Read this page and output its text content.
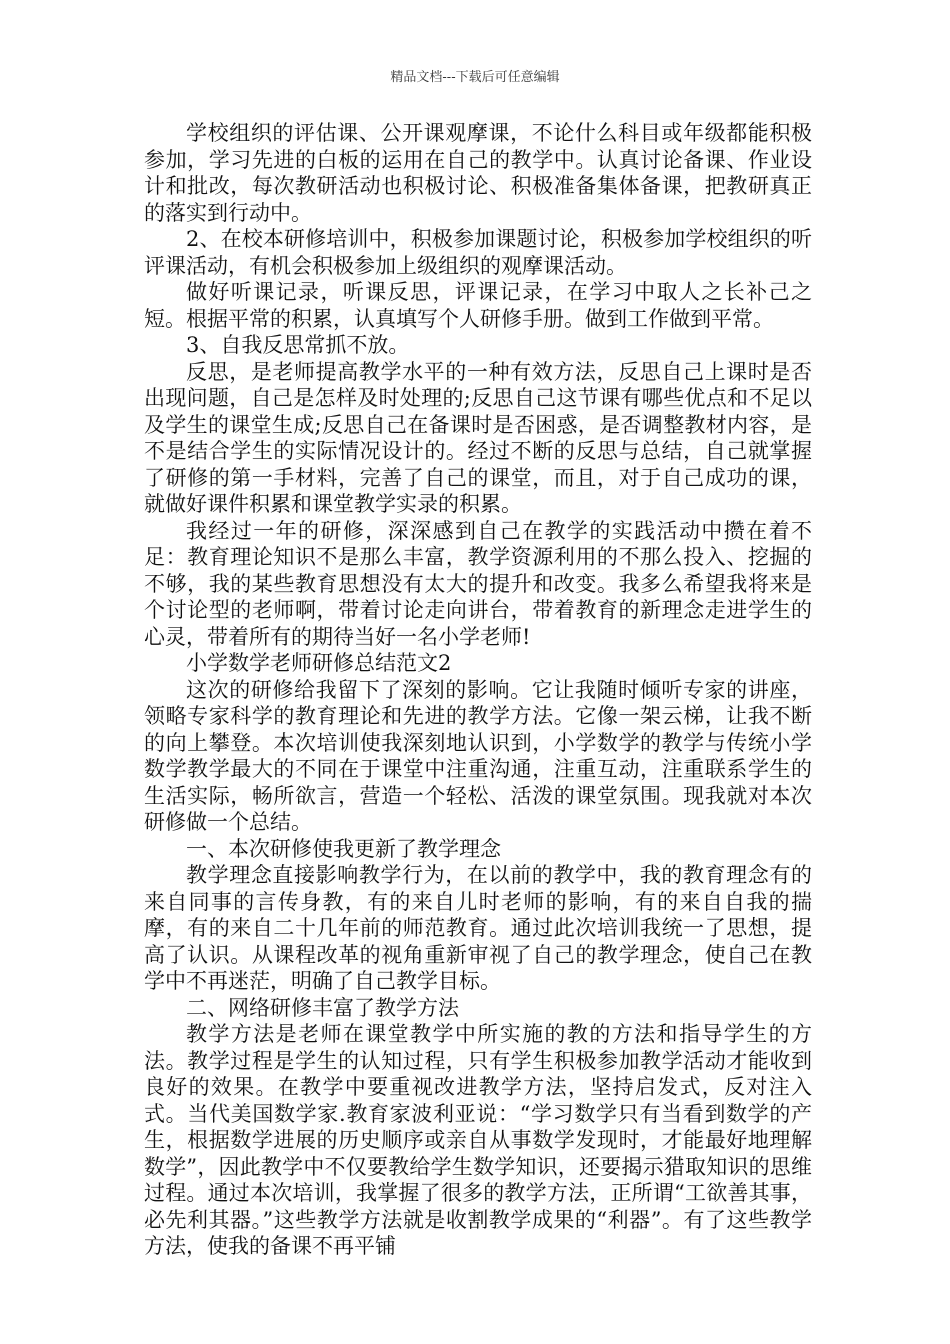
精品文档---下载后可任意编辑

学校组织的评估课、公开课观摩课，不论什么科目或年级都能积极参加，学习先进的白板的运用在自己的教学中。认真讨论备课、作业设计和批改，每次教研活动也积极讨论、积极准备集体备课，把教研真正的落实到行动中。

2、在校本研修培训中，积极参加课题讨论，积极参加学校组织的听评课活动，有机会积极参加上级组织的观摩课活动。

做好听课记录，听课反思，评课记录，在学习中取人之长补己之短。根据平常的积累，认真填写个人研修手册。做到工作做到平常。

3、自我反思常抓不放。

反思，是老师提高教学水平的一种有效方法，反思自己上课时是否出现问题，自己是怎样及时处理的;反思自己这节课有哪些优点和不足以及学生的课堂生成;反思自己在备课时是否困惑，是否调整教材内容，是不是结合学生的实际情况设计的。经过不断的反思与总结，自己就掌握了研修的第一手材料，完善了自己的课堂，而且，对于自己成功的课，就做好课件积累和课堂教学实录的积累。

我经过一年的研修，深深感到自己在教学的实践活动中攒在着不足：教育理论知识不是那么丰富，教学资源利用的不那么投入、挖掘的不够，我的某些教育思想没有太大的提升和改变。我多么希望我将来是个讨论型的老师啊，带着讨论走向讲台，带着教育的新理念走进学生的心灵，带着所有的期待当好一名小学老师!

小学数学老师研修总结范文2

这次的研修给我留下了深刻的影响。它让我随时倾听专家的讲座，领略专家科学的教育理论和先进的教学方法。它像一架云梯，让我不断的向上攀登。本次培训使我深刻地认识到，小学数学的教学与传统小学数学教学最大的不同在于课堂中注重沟通，注重互动，注重联系学生的生活实际，畅所欲言，营造一个轻松、活泼的课堂氛围。现我就对本次研修做一个总结。

一、本次研修使我更新了教学理念

教学理念直接影响教学行为，在以前的教学中，我的教育理念有的来自同事的言传身教，有的来自儿时老师的影响，有的来自自我的揣摩，有的来自二十几年前的师范教育。通过此次培训我统一了思想，提高了认识。从课程改革的视角重新审视了自己的教学理念，使自己在教学中不再迷茫，明确了自己教学目标。

二、网络研修丰富了教学方法

教学方法是老师在课堂教学中所实施的教的方法和指导学生的方法。教学过程是学生的认知过程，只有学生积极参加教学活动才能收到良好的效果。在教学中要重视改进教学方法，坚持启发式，反对注入式。当代美国数学家.教育家波利亚说：“学习数学只有当看到数学的产生，根据数学进展的历史顺序或亲自从事数学发现时，才能最好地理解数学”，因此教学中不仅要教给学生数学知识，还要揭示猎取知识的思维过程。通过本次培训，我掌握了很多的教学方法，正所谓“工欲善其事，必先利其器。”这些教学方法就是收割教学成果的“利器”。有了这些教学方法，使我的备课不再平铺
